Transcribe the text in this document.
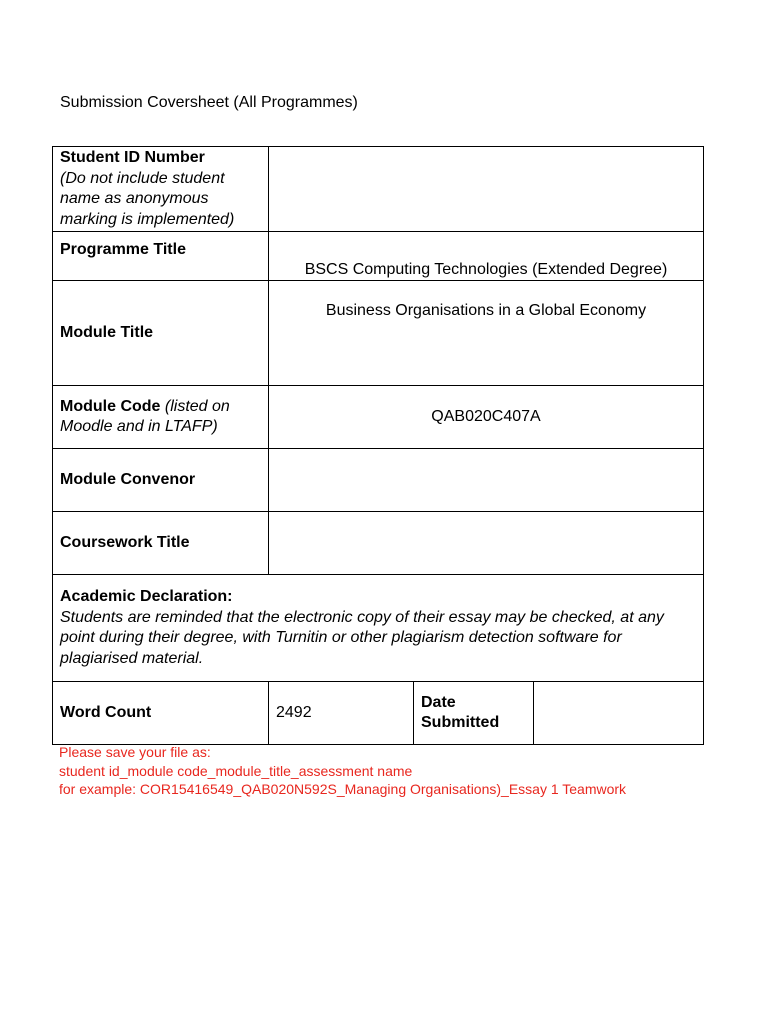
Submission Coversheet (All Programmes)
Student ID Number
(Do not include student name as anonymous marking is implemented)			
Programme Title	BSCS Computing Technologies (Extended Degree)		
Module Title	Business Organisations in a Global Economy		
Module Code (listed on Moodle and in LTAFP)	QAB020C407A		
Module Convenor			
Coursework Title			

Academic Declaration:
Students are reminded that the electronic copy of their essay may be checked, at any point during their degree, with Turnitin or other plagiarism detection software for plagiarised material.			

Word Count	2492	Date Submitted	
Please save your file as:
student id_module code_module_title_assessment name
for example: COR15416549_QAB020N592S_Managing Organisations)_Essay 1 Teamwork
